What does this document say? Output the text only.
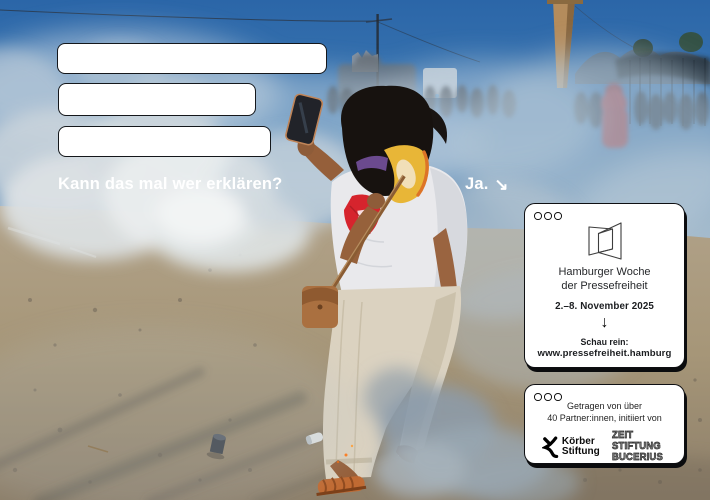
Kann das mal wer erklären?	Ja. ↘
Hamburger Woche
der Pressefreiheit
2.–8. November 2025
↓
Schau rein:
www.pressefreiheit.hamburg
Getragen von über
40 Partner:innen, initiiert von
Körber
Stiftung
ZEIT
STIFTUNG
BUCERIUS
